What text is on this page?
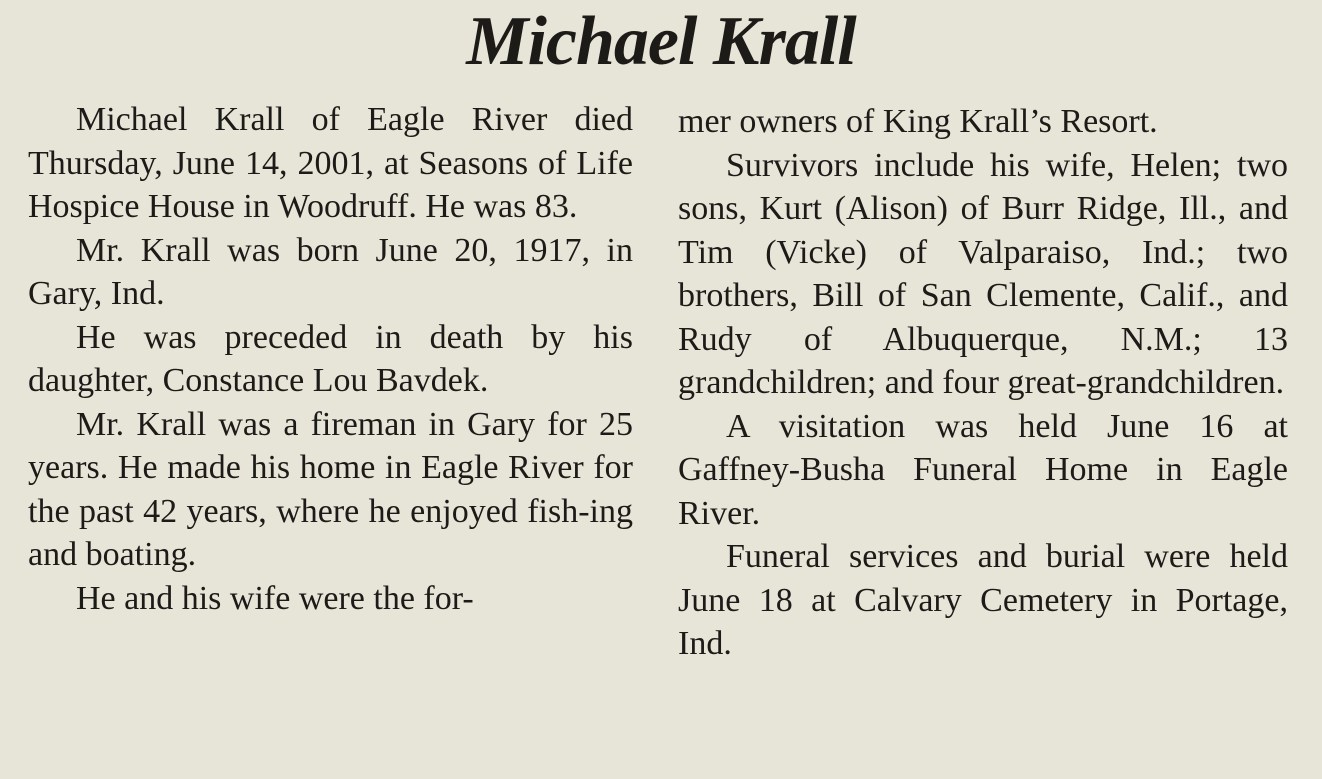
Michael Krall

Michael Krall of Eagle River died Thursday, June 14, 2001, at Seasons of Life Hospice House in Woodruff. He was 83.

Mr. Krall was born June 20, 1917, in Gary, Ind.

He was preceded in death by his daughter, Constance Lou Bavdek.

Mr. Krall was a fireman in Gary for 25 years. He made his home in Eagle River for the past 42 years, where he enjoyed fish-ing and boating.

He and his wife were the for-

mer owners of King Krall’s Resort.

Survivors include his wife, Helen; two sons, Kurt (Alison) of Burr Ridge, Ill., and Tim (Vicke) of Valparaiso, Ind.; two brothers, Bill of San Clemente, Calif., and Rudy of Albuquerque, N.M.; 13 grandchildren; and four great-grandchildren.

A visitation was held June 16 at Gaffney-Busha Funeral Home in Eagle River.

Funeral services and burial were held June 18 at Calvary Cemetery in Portage, Ind.
